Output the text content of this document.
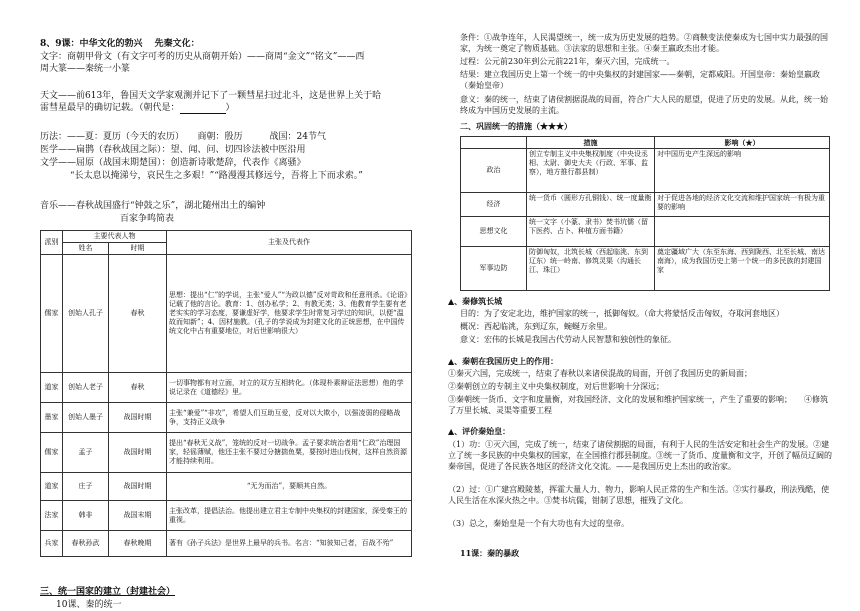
8、9课：中华文化的勃兴　 先秦文化：
文字：商朝甲骨文（有文字可考的历史从商朝开始）——商周“金文”“铭文”——西
周大篆——秦统一小篆
天文——前613年，鲁国天文学家观测并记下了一颗彗星扫过北斗，这是世界上关于哈
雷彗星最早的确切记载。（朝代是：	）
历法：——夏：夏历（今天的农历）　　商朝：殷历　　　战国：24节气
医学——扁鹊（春秋战国之际）：望、闻、问、切四诊法被中医沿用
文学——屈原（战国末期楚国）：创造新诗歌楚辞，代表作《离骚》
“长太息以掩涕兮，哀民生之多艰！”“路漫漫其修远兮，吾将上下而求索。”
音乐——春秋战国盛行“钟鼓之乐”，湖北随州出土的编钟
百家争鸣简表
派别	主要代表人物		主张及代表作
	姓名	时期	
儒家	创始人孔子	春秋	思想：提出“仁”的学说，主张“爱人”“为政以德”反对苛政和任意刑杀。《论语》记载了他的言论。教育：1、创办私学；2、有教无类；3、他教育学生要有老老实实的学习态度，要谦虚好学，他要求学生时常复习学过的知识，以便“温故而知新”；4、因材施教。（孔子的学说成为封建文化的正统思想，在中国传统文化中占有重要地位，对后世影响很大）
道家	创始人老子	春秋	一切事物都有对立面，对立的双方互相转化。（体现朴素辩证法思想）他的学说记录在《道德经》里。
墨家	创始人墨子	战国时期	主张“兼爱”“非攻”，希望人们互助互爱，反对以大欺小，以强凌弱的侵略战争，支持正义战争
儒家	孟子	战国时期	提出“春秋无义战”，笼统的反对一切战争。孟子要求统治者用“仁政”治理国家，轻徭薄赋，他还主张不要过分搪揣鱼粟，要按时进山伐树，这样自然资源才能持续利用。
道家	庄子	战国时期	“无为而治”，要顺其自然。
法家	韩非	战国末期	主张改革，提倡法治。他提出建立君主专制中央集权的封建国家，深受秦王的重视。
兵家	春秋孙武	春秋晚期	著有《孙子兵法》是世界上最早的兵书。名言：“知彼知己者，百战不殆”
三、统一国家的建立（封建社会）
10课、秦的统一
条件：①战争连年，人民渴望统一，统一成为历史发展的趋势。②商鞅变法使秦成为七国中实力最强的国家，为统一奠定了物质基础。③法家的思想和主张。④秦王嬴政杰出才能。
过程：公元前230年到公元前221年，秦灭六国，完成统一。
结果：建立我国历史上第一个统一的中央集权的封建国家——秦朝，定都咸阳。开国皇帝：秦始皇嬴政（秦始皇帝）
意义：秦的统一，结束了诸侯割据混战的局面，符合广大人民的愿望，促进了历史的发展。从此，统一始终成为中国历史发展的主流。
二、巩固统一的措施（★★★）
	措施	影响（★）
政治	创立专制主义中央集权制度（中央设丞相、太尉、御史大夫（行政、军事、监察），地方推行郡县制）	对中国历史产生深远的影响
经济	统一货币（圆形方孔铜钱）、统一度量衡	对于促进各地的经济文化交流和维护国家统一有极为重要的影响
思想文化	统一文字（小篆、隶书）焚书坑儒（留下医药、占卜、种植方面书籍）	
军事边防	防御匈奴，北筑长城（西起临洮、东到辽东）统一岭南、修筑灵渠（沟通长江、珠江）	奠定疆域广大（东至东海、西到陇西、北至长城、南达南海），成为我国历史上第一个统一的多民族的封建国家
▲、秦修筑长城
目的：为了安定北边，维护国家的统一，抵御匈奴。（命大将蒙恬反击匈奴，夺取河套地区）
概况：西起临洮，东到辽东，蜿蜒万余里。
意义：宏伟的长城是我国古代劳动人民智慧和独创性的象征。
▲、秦朝在我国历史上的作用：
①秦灭六国，完成统一，结束了春秋以来诸侯混战的局面，开创了我国历史的新局面；
②秦朝创立的专制主义中央集权制度，对后世影响十分深远；
③秦朝统一货币、文字和度量衡，对我国经济、文化的发展和维护国家统一，产生了重要的影响；　　④修筑了万里长城、灵渠等重要工程
▲、评价秦始皇：
（1）功：①灭六国，完成了统一，结束了诸侯割据的局面，有利于人民的生活安定和社会生产的发展。②建立了统一多民族的中央集权的国家，在全国推行郡县制度。③统一了货币、度量衡和文字，开创了幅员辽阔的秦帝国，促进了各民族各地区的经济文化交流。——是我国历史上杰出的政治家。
（2）过：①广建宫殿陵墓，挥霍大量人力、物力，影响人民正常的生产和生活。②实行暴政，刑法残酷，使人民生活在水深火热之中。③焚书坑儒，钳制了思想，摧残了文化。
（3）总之，秦始皇是一个有大功也有大过的皇帝。
11课：秦的暴政
